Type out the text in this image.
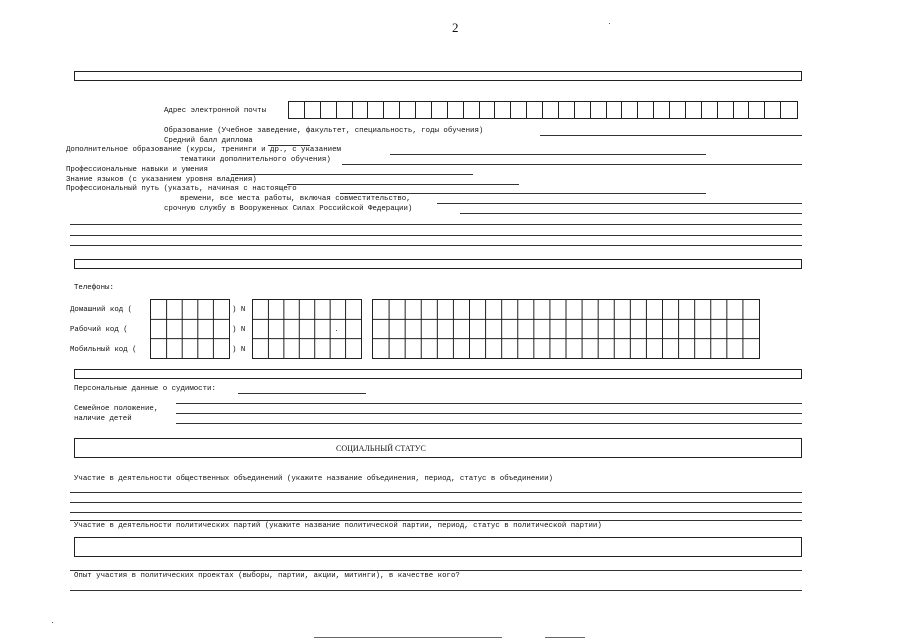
2
Адрес электронной почты
Образование (Учебное заведение, факультет, специальность, годы обучения)
Средний балл диплома
Дополнительное образование (курсы, тренинги и др., с указанием
тематики дополнительного обучения)
Профессиональные навыки и умения
Знание языков (с указанием уровня владения)
Профессиональный путь (указать, начиная с настоящего
времени, все места работы, включая совместительство,
срочную службу в Вооруженных Силах Российской Федерации)
Телефоны:
Домашний код (	) N
Рабочий код (	) N
Мобильный код (	) N
Персональные данные о судимости:
Семейное положение,
наличие детей
СОЦИАЛЬНЫЙ СТАТУС
Участие в деятельности общественных объединений (укажите название объединения, период, статус в объединении)
Участие в деятельности политических партий (укажите название политической партии, период, статус в политической партии)
Опыт участия в политических проектах (выборы, партии, акции, митинги), в качестве кого?
